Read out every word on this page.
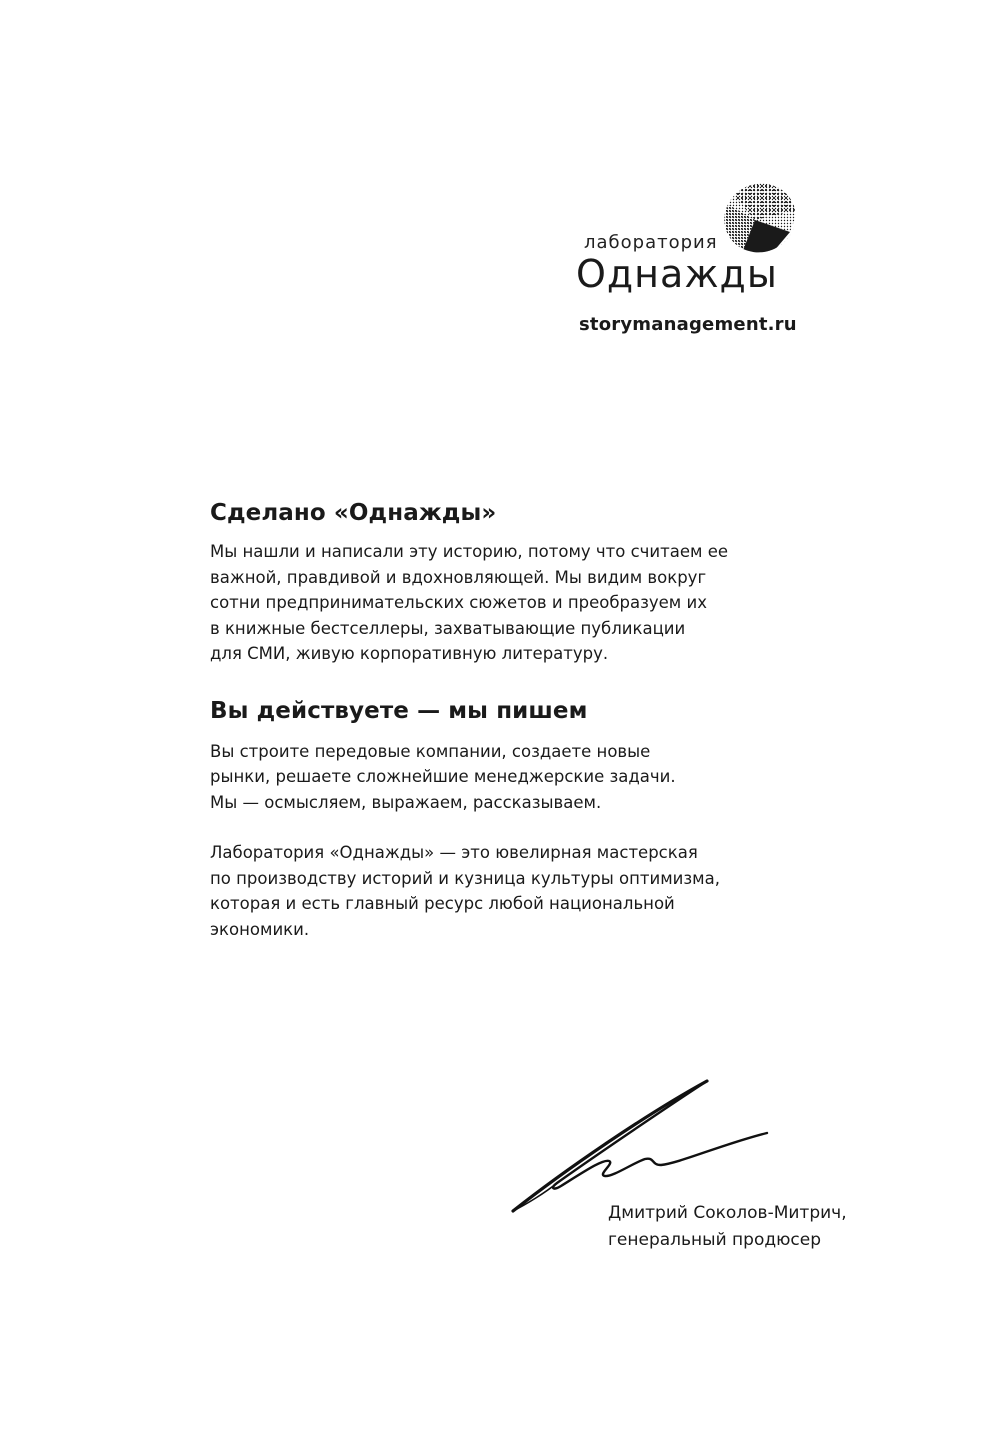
лаборатория
Однажды
storymanagement.ru
Сделано «Однажды»

Мы нашли и написали эту историю, потому что считаем ее
важной, правдивой и вдохновляющей. Мы видим вокруг
сотни предпринимательских сюжетов и преобразуем их
в книжные бестселлеры, захватывающие публикации
для СМИ, живую корпоративную литературу.

Вы действуете — мы пишем

Вы строите передовые компании, создаете новые
рынки, решаете сложнейшие менеджерские задачи.
Мы — осмысляем, выражаем, рассказываем.

Лаборатория «Однажды» — это ювелирная мастерская
по производству историй и кузница культуры оптимизма,
которая и есть главный ресурс любой национальной
экономики.

Дмитрий Соколов-Митрич,
генеральный продюсер
